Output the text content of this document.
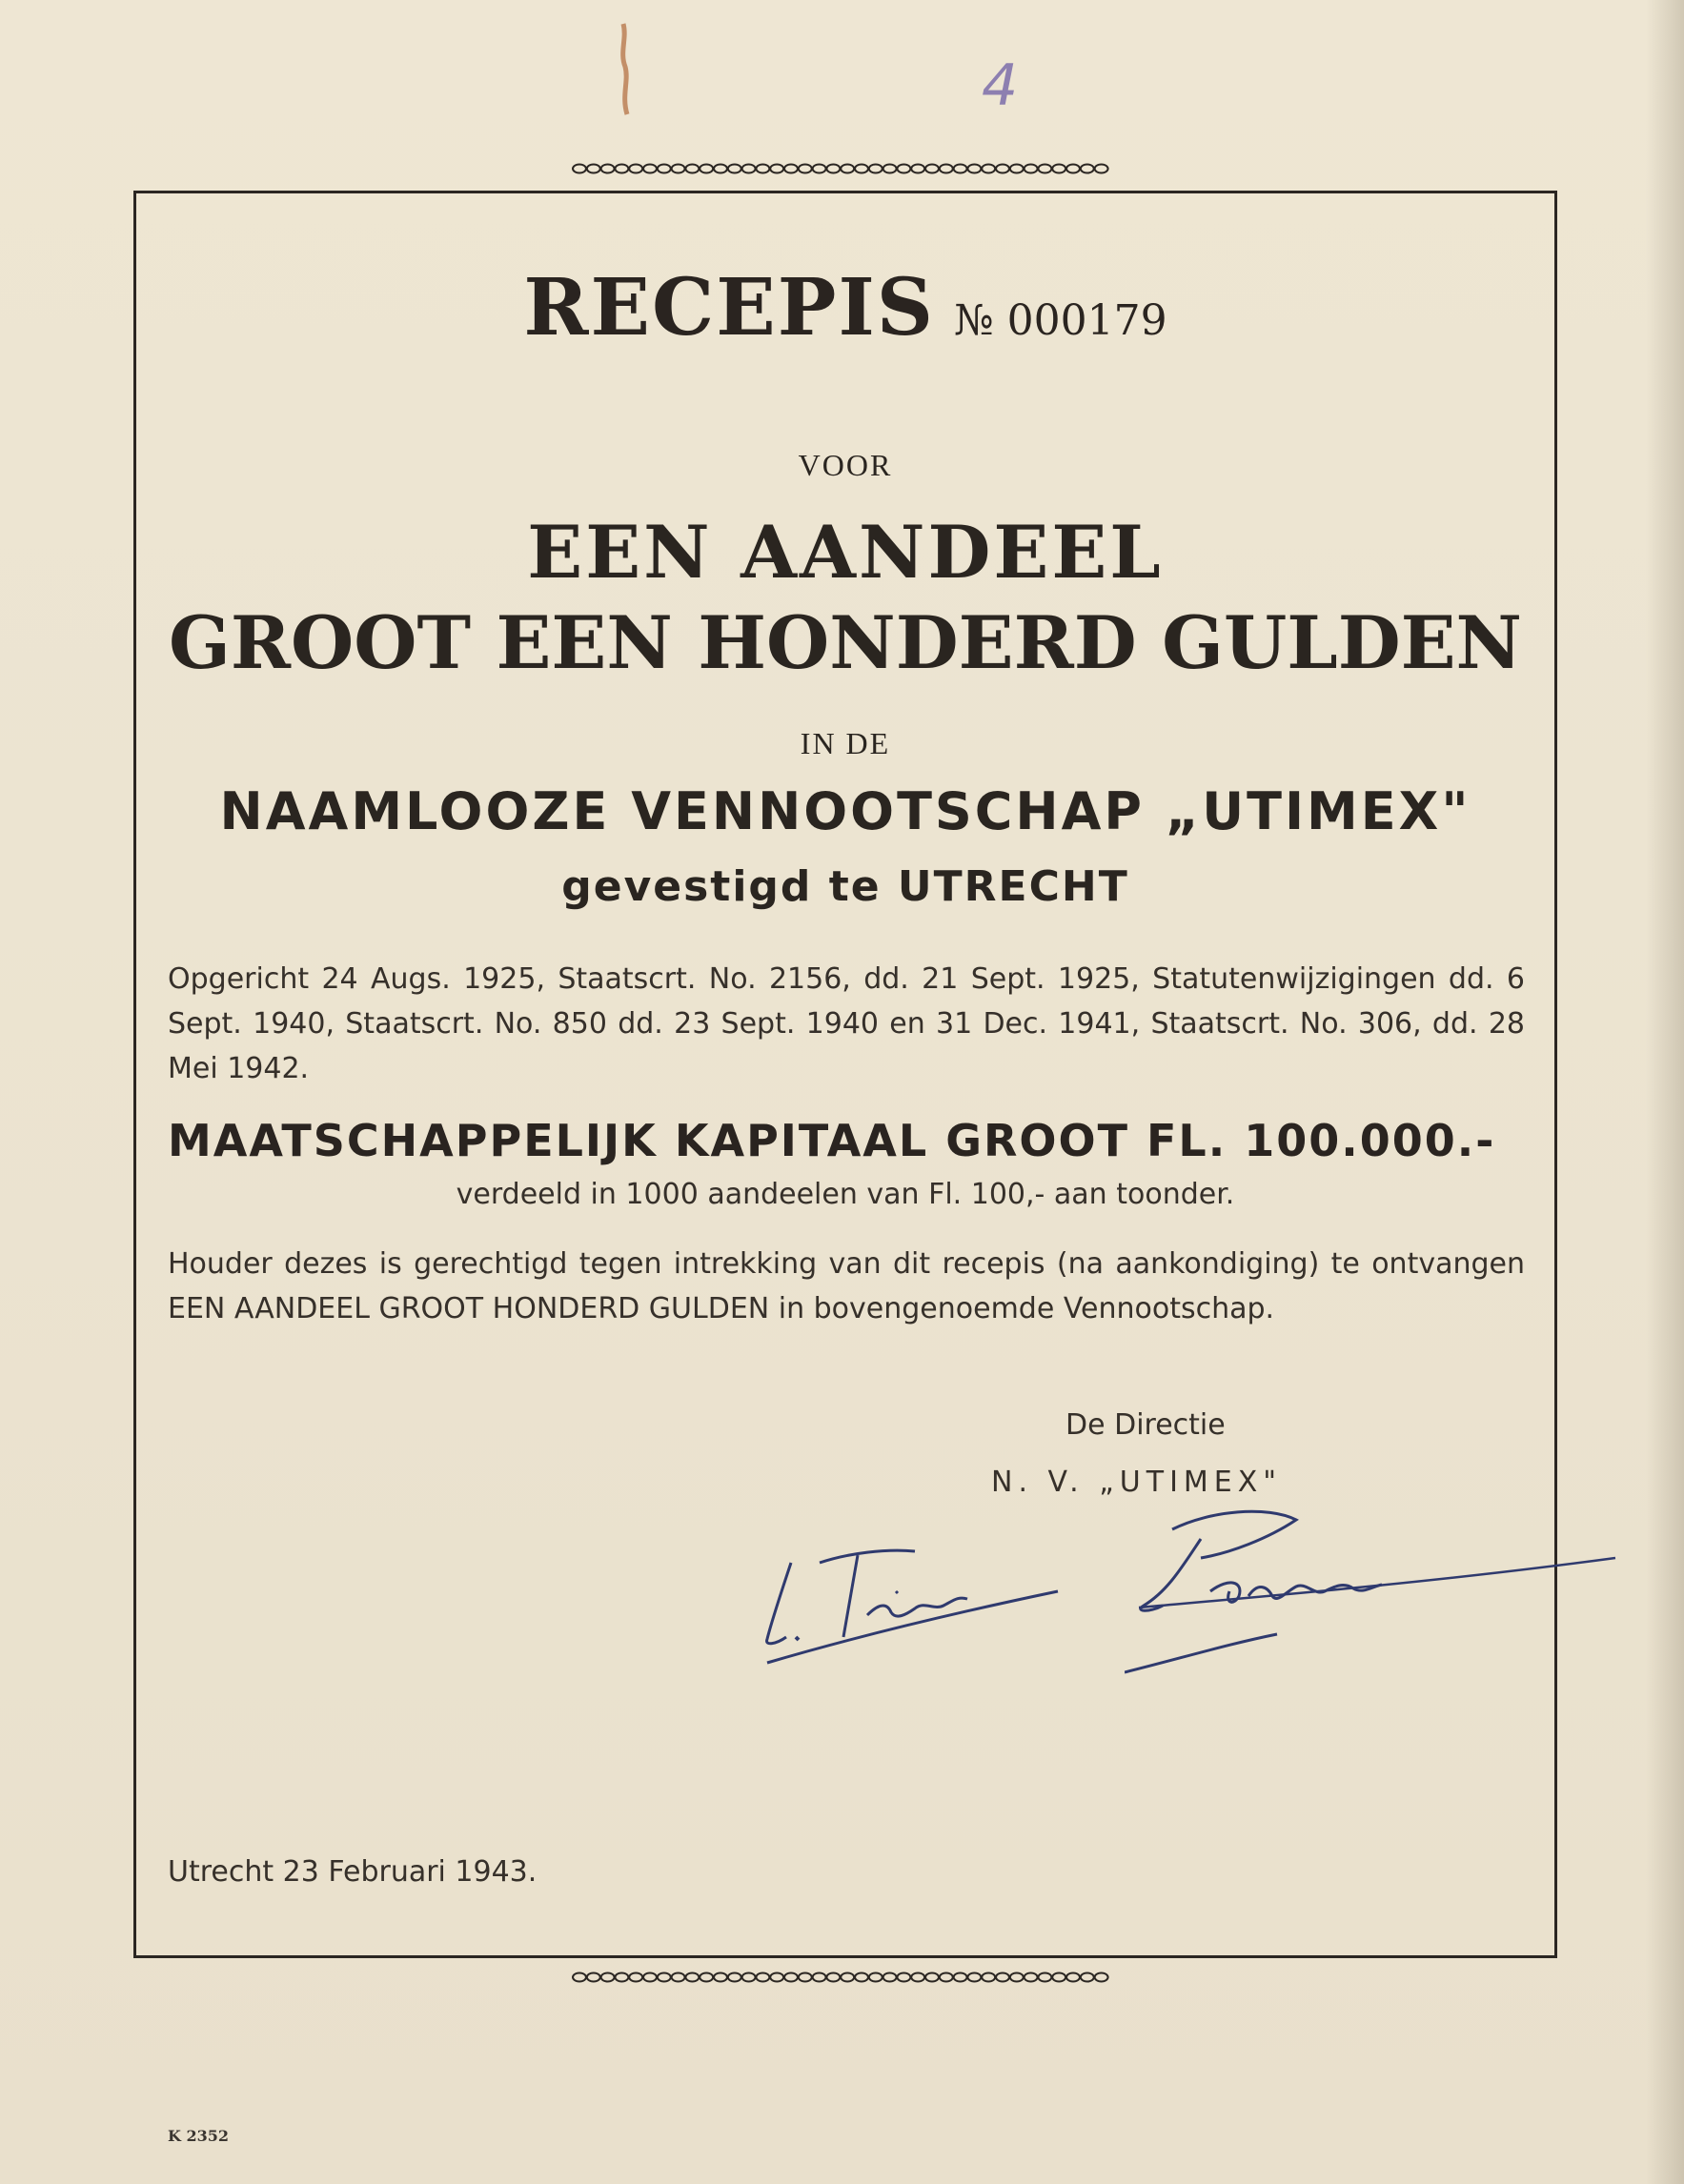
4
RECEPIS № 000179
VOOR
EEN AANDEEL
GROOT EEN HONDERD GULDEN
IN DE
NAAMLOOZE VENNOOTSCHAP „UTIMEX"
gevestigd te UTRECHT
Opgericht 24 Augs. 1925, Staatscrt. No. 2156, dd. 21 Sept. 1925, Statutenwijzigingen dd. 6 Sept. 1940, Staatscrt. No. 850 dd. 23 Sept. 1940 en 31 Dec. 1941, Staatscrt. No. 306, dd. 28 Mei 1942.
MAATSCHAPPELIJK KAPITAAL GROOT FL. 100.000.-
verdeeld in 1000 aandeelen van Fl. 100,- aan toonder.
Houder dezes is gerechtigd tegen intrekking van dit recepis (na aankondiging) te ontvangen EEN AANDEEL GROOT HONDERD GULDEN in bovengenoemde Vennootschap.
De Directie
N. V. „UTIMEX"
Utrecht 23 Februari 1943.
K 2352
